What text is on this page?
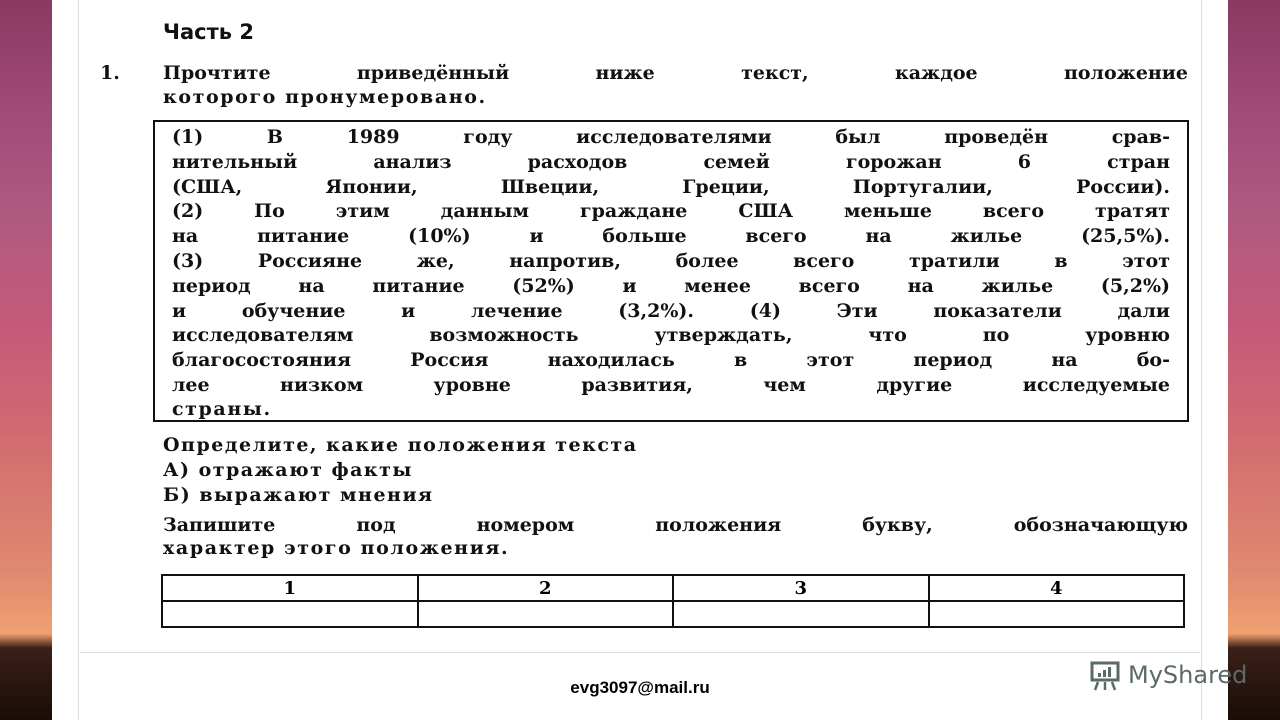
Часть 2
1. Прочтите приведённый ниже текст, каждое положение
которого пронумеровано.
(1) В 1989 году исследователями был проведён срав-
нительный анализ расходов семей горожан 6 стран
(США, Японии, Швеции, Греции, Португалии, России).
(2) По этим данным граждане США меньше всего тратят
на питание (10%) и больше всего на жилье (25,5%).
(3) Россияне же, напротив, более всего тратили в этот
период на питание (52%) и менее всего на жилье (5,2%)
и обучение и лечение (3,2%). (4) Эти показатели дали
исследователям возможность утверждать, что по уровню
благосостояния Россия находилась в этот период на бо-
лее низком уровне развития, чем другие исследуемые
страны.
Определите, какие положения текста
А) отражают факты
Б) выражают мнения
Запишите под номером положения букву, обозначающую
характер этого положения.
1	2	3	4

evg3097@mail.ru	MyShared
